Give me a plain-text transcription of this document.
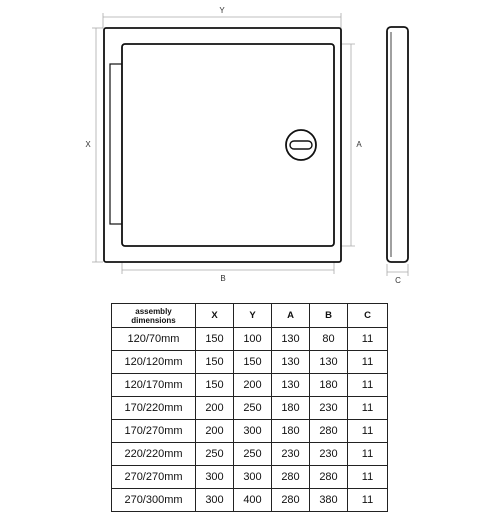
Y
X	A
B	C
assembly dimensions	X	Y	A	B	C
120/70mm	150	100	130	80	11
120/120mm	150	150	130	130	11
120/170mm	150	200	130	180	11
170/220mm	200	250	180	230	11
170/270mm	200	300	180	280	11
220/220mm	250	250	230	230	11
270/270mm	300	300	280	280	11
270/300mm	300	400	280	380	11
